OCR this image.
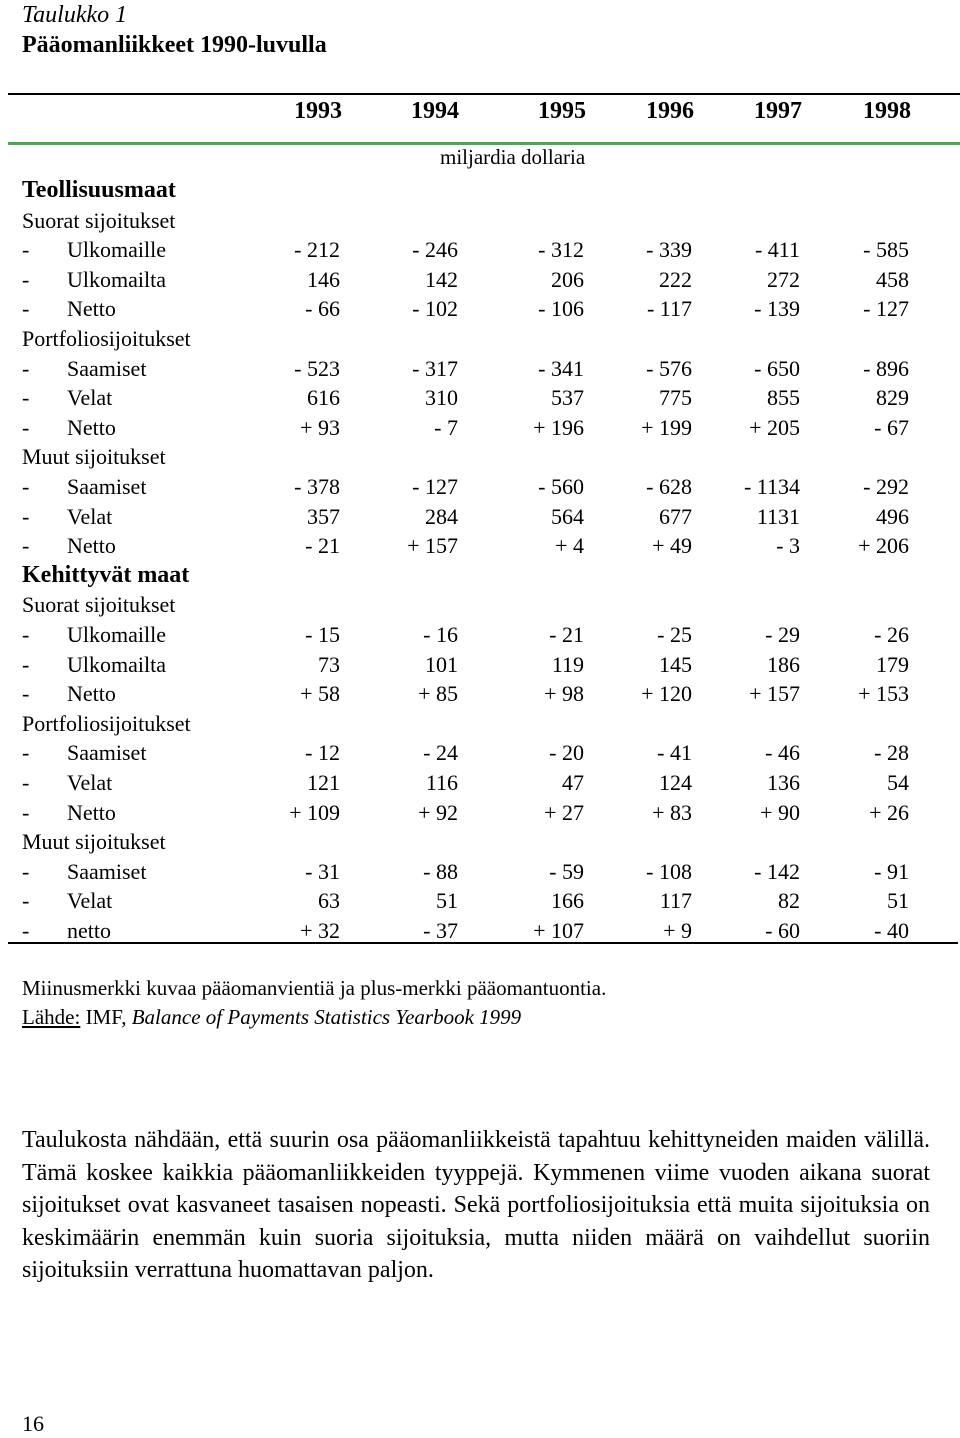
Taulukko 1
Pääomanliikkeet 1990-luvulla
1993	1994	1995	1996	1997	1998
miljardia dollaria
Teollisuusmaat
Suorat sijoitukset
- Ulkomaille	- 212	- 246	- 312	- 339	- 411	- 585
- Ulkomailta	146	142	206	222	272	458
- Netto	- 66	- 102	- 106	- 117	- 139	- 127
Portfoliosijoitukset
- Saamiset	- 523	- 317	- 341	- 576	- 650	- 896
- Velat	616	310	537	775	855	829
- Netto	+ 93	- 7	+ 196	+ 199	+ 205	- 67
Muut sijoitukset
- Saamiset	- 378	- 127	- 560	- 628	- 1134	- 292
- Velat	357	284	564	677	1131	496
- Netto	- 21	+ 157	+ 4	+ 49	- 3	+ 206
Kehittyvät maat
Suorat sijoitukset
- Ulkomaille	- 15	- 16	- 21	- 25	- 29	- 26
- Ulkomailta	73	101	119	145	186	179
- Netto	+ 58	+ 85	+ 98	+ 120	+ 157	+ 153
Portfoliosijoitukset
- Saamiset	- 12	- 24	- 20	- 41	- 46	- 28
- Velat	121	116	47	124	136	54
- Netto	+ 109	+ 92	+ 27	+ 83	+ 90	+ 26
Muut sijoitukset
- Saamiset	- 31	- 88	- 59	- 108	- 142	- 91
- Velat	63	51	166	117	82	51
- netto	+ 32	- 37	+ 107	+ 9	- 60	- 40
Miinusmerkki kuvaa pääomanvientiä ja plus-merkki pääomantuontia.
Lähde: IMF, Balance of Payments Statistics Yearbook 1999
Taulukosta nähdään, että suurin osa pääomanliikkeistä tapahtuu kehittyneiden maiden välillä. Tämä koskee kaikkia pääomanliikkeiden tyyppejä. Kymmenen viime vuoden aikana suorat sijoitukset ovat kasvaneet tasaisen nopeasti. Sekä portfoliosijoituksia että muita sijoituksia on keskimäärin enemmän kuin suoria sijoituksia, mutta niiden määrä on vaihdellut suoriin sijoituksiin verrattuna huomattavan paljon.
16
